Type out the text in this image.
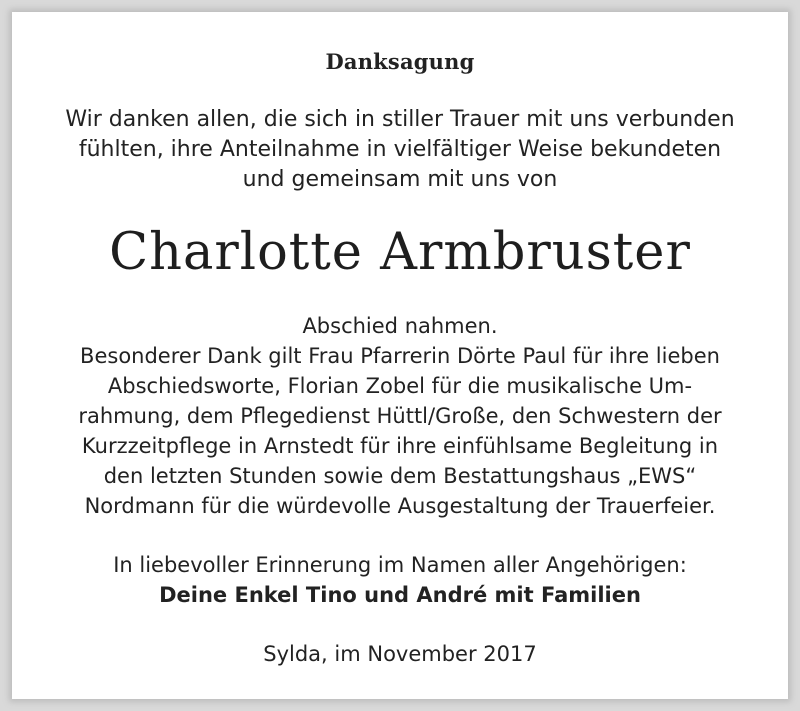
Danksagung
Wir danken allen, die sich in stiller Trauer mit uns verbunden
fühlten, ihre Anteilnahme in vielfältiger Weise bekundeten
und gemeinsam mit uns von
Charlotte Armbruster
Abschied nahmen.
Besonderer Dank gilt Frau Pfarrerin Dörte Paul für ihre lieben
Abschiedsworte, Florian Zobel für die musikalische Um-
rahmung, dem Pflegedienst Hüttl/Große, den Schwestern der
Kurzzeitpflege in Arnstedt für ihre einfühlsame Begleitung in
den letzten Stunden sowie dem Bestattungshaus „EWS“
Nordmann für die würdevolle Ausgestaltung der Trauerfeier.
In liebevoller Erinnerung im Namen aller Angehörigen:
Deine Enkel Tino und André mit Familien
Sylda, im November 2017
